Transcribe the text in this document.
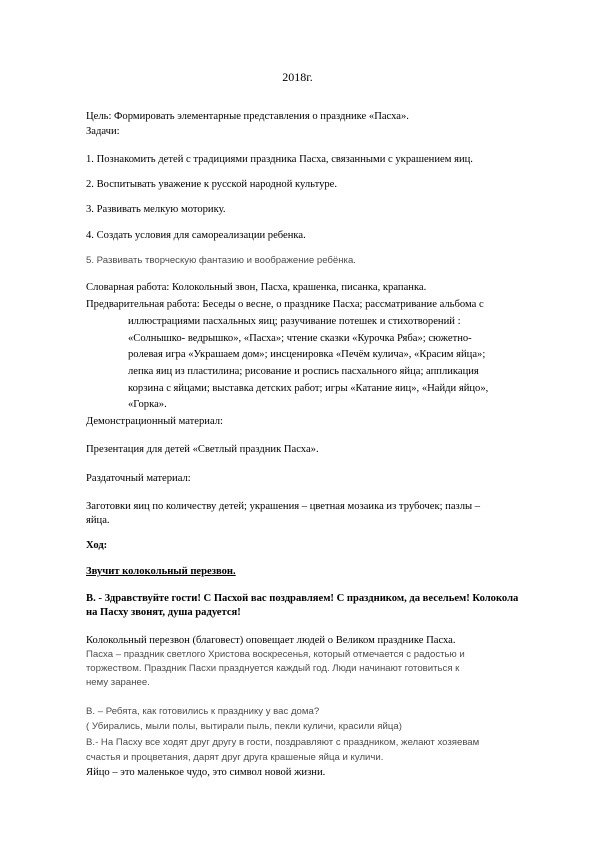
2018г.
Цель: Формировать элементарные представления о празднике «Пасха».
Задачи:
1. Познакомить детей с традициями праздника Пасха, связанными с украшением яиц.
2. Воспитывать уважение к русской народной культуре.
3. Развивать мелкую моторику.
4. Создать условия для самореализации ребенка.
5. Развивать творческую фантазию и воображение ребёнка.
Словарная работа: Колокольный звон, Пасха, крашенка, писанка, крапанка.
Предварительная работа: Беседы о весне, о празднике Пасха; рассматривание альбома с
иллюстрациями пасхальных яиц; разучивание потешек и стихотворений :
«Солнышко- ведрышко», «Пасха»; чтение сказки «Курочка Ряба»; сюжетно-
ролевая игра «Украшаем дом»; инсценировка «Печём кулича», «Красим яйца»;
лепка яиц из пластилина; рисование и роспись пасхального яйца; аппликация
корзина с яйцами; выставка детских работ; игры «Катание яиц», «Найди яйцо»,
«Горка».
Демонстрационный материал:
Презентация для детей «Светлый праздник Пасха».
Раздаточный материал:
Заготовки яиц по количеству детей; украшения – цветная мозаика из трубочек; пазлы –
яйца.
Ход:
Звучит колокольный перезвон.
В. - Здравствуйте гости! С Пасхой вас поздравляем! С праздником, да весельем! Колокола
на Пасху звонят, душа радуется!
Колокольный перезвон (благовест) оповещает людей о Великом празднике Пасха.
Пасха – праздник светлого Христова воскресенья, который отмечается с радостью и
торжеством. Праздник Пасхи празднуется каждый год. Люди начинают готовиться к
нему заранее.
В. – Ребята, как готовились к празднику у вас дома?
( Убирались, мыли полы, вытирали пыль, пекли куличи, красили яйца)
В.- На Пасху все ходят друг другу в гости, поздравляют с праздником, желают хозяевам
счастья и процветания, дарят друг друга крашеные яйца и куличи.
Яйцо – это маленькое чудо, это символ новой жизни.
